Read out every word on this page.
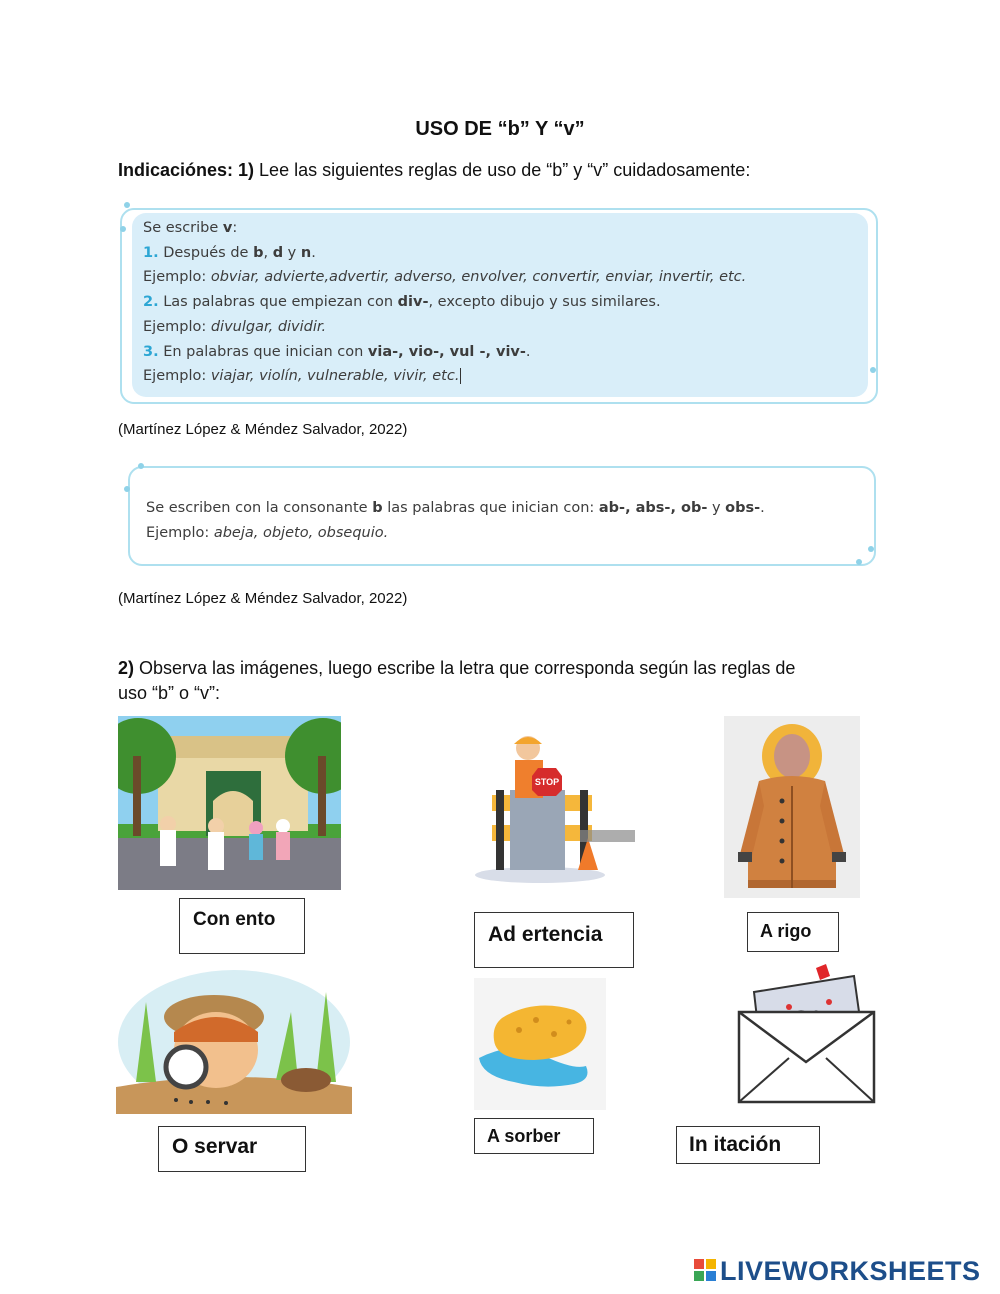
USO DE “b” Y “v”
Indicaciónes: 1) Lee las siguientes reglas de uso de “b” y “v” cuidadosamente:
Se escribe v:
1. Después de b, d y n.
Ejemplo: obviar, advierte,advertir, adverso, envolver, convertir, enviar, invertir, etc.
2. Las palabras que empiezan con div-, excepto dibujo y sus similares.
Ejemplo: divulgar, dividir.
3. En palabras que inician con via-, vio-, vul -, viv-.
Ejemplo: viajar, violín, vulnerable, vivir, etc.
(Martínez López & Méndez Salvador, 2022)
Se escriben con la consonante b las palabras que inician con: ab-, abs-, ob- y obs-.
Ejemplo: abeja, objeto, obsequio.
(Martínez López & Méndez Salvador, 2022)
2) Observa las imágenes, luego escribe la letra que corresponda según las reglas de
uso “b” o “v”:
Con ento
STOP
Ad ertencia	A rigo
O servar	A sorber	In itación
LIVEWORKSHEETS
